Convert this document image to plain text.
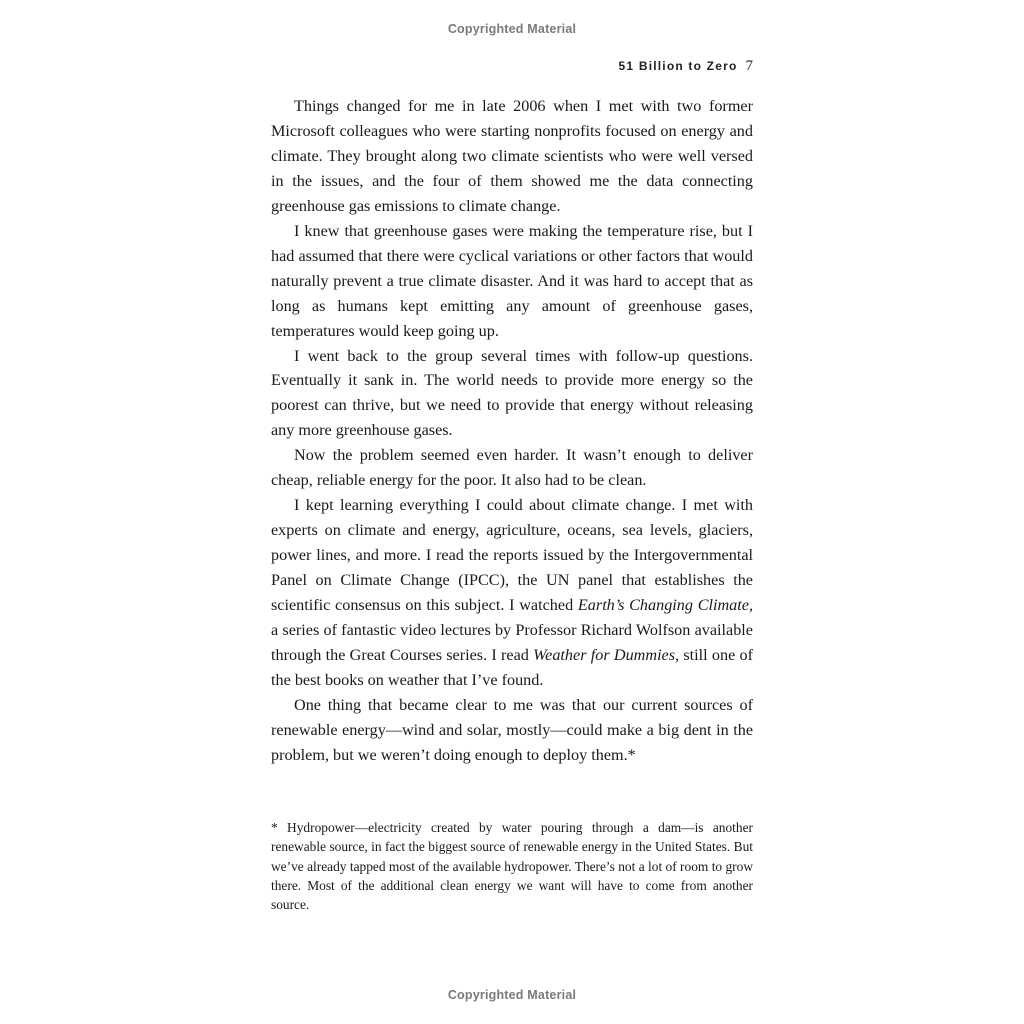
Copyrighted Material
51 Billion to Zero 7

Things changed for me in late 2006 when I met with two former Microsoft colleagues who were starting nonprofits focused on energy and climate. They brought along two climate scientists who were well versed in the issues, and the four of them showed me the data connecting greenhouse gas emissions to climate change.

I knew that greenhouse gases were making the temperature rise, but I had assumed that there were cyclical variations or other factors that would naturally prevent a true climate disaster. And it was hard to accept that as long as humans kept emitting any amount of greenhouse gases, temperatures would keep going up.

I went back to the group several times with follow-up questions. Eventually it sank in. The world needs to provide more energy so the poorest can thrive, but we need to provide that energy without releasing any more greenhouse gases.

Now the problem seemed even harder. It wasn’t enough to deliver cheap, reliable energy for the poor. It also had to be clean.

I kept learning everything I could about climate change. I met with experts on climate and energy, agriculture, oceans, sea levels, glaciers, power lines, and more. I read the reports issued by the Intergovernmental Panel on Climate Change (IPCC), the UN panel that establishes the scientific consensus on this subject. I watched Earth’s Changing Climate, a series of fantastic video lectures by Professor Richard Wolfson available through the Great Courses series. I read Weather for Dummies, still one of the best books on weather that I’ve found.

One thing that became clear to me was that our current sources of renewable energy—wind and solar, mostly—could make a big dent in the problem, but we weren’t doing enough to deploy them.*

* Hydropower—electricity created by water pouring through a dam—is another renewable source, in fact the biggest source of renewable energy in the United States. But we’ve already tapped most of the available hydropower. There’s not a lot of room to grow there. Most of the additional clean energy we want will have to come from another source.

Copyrighted Material
